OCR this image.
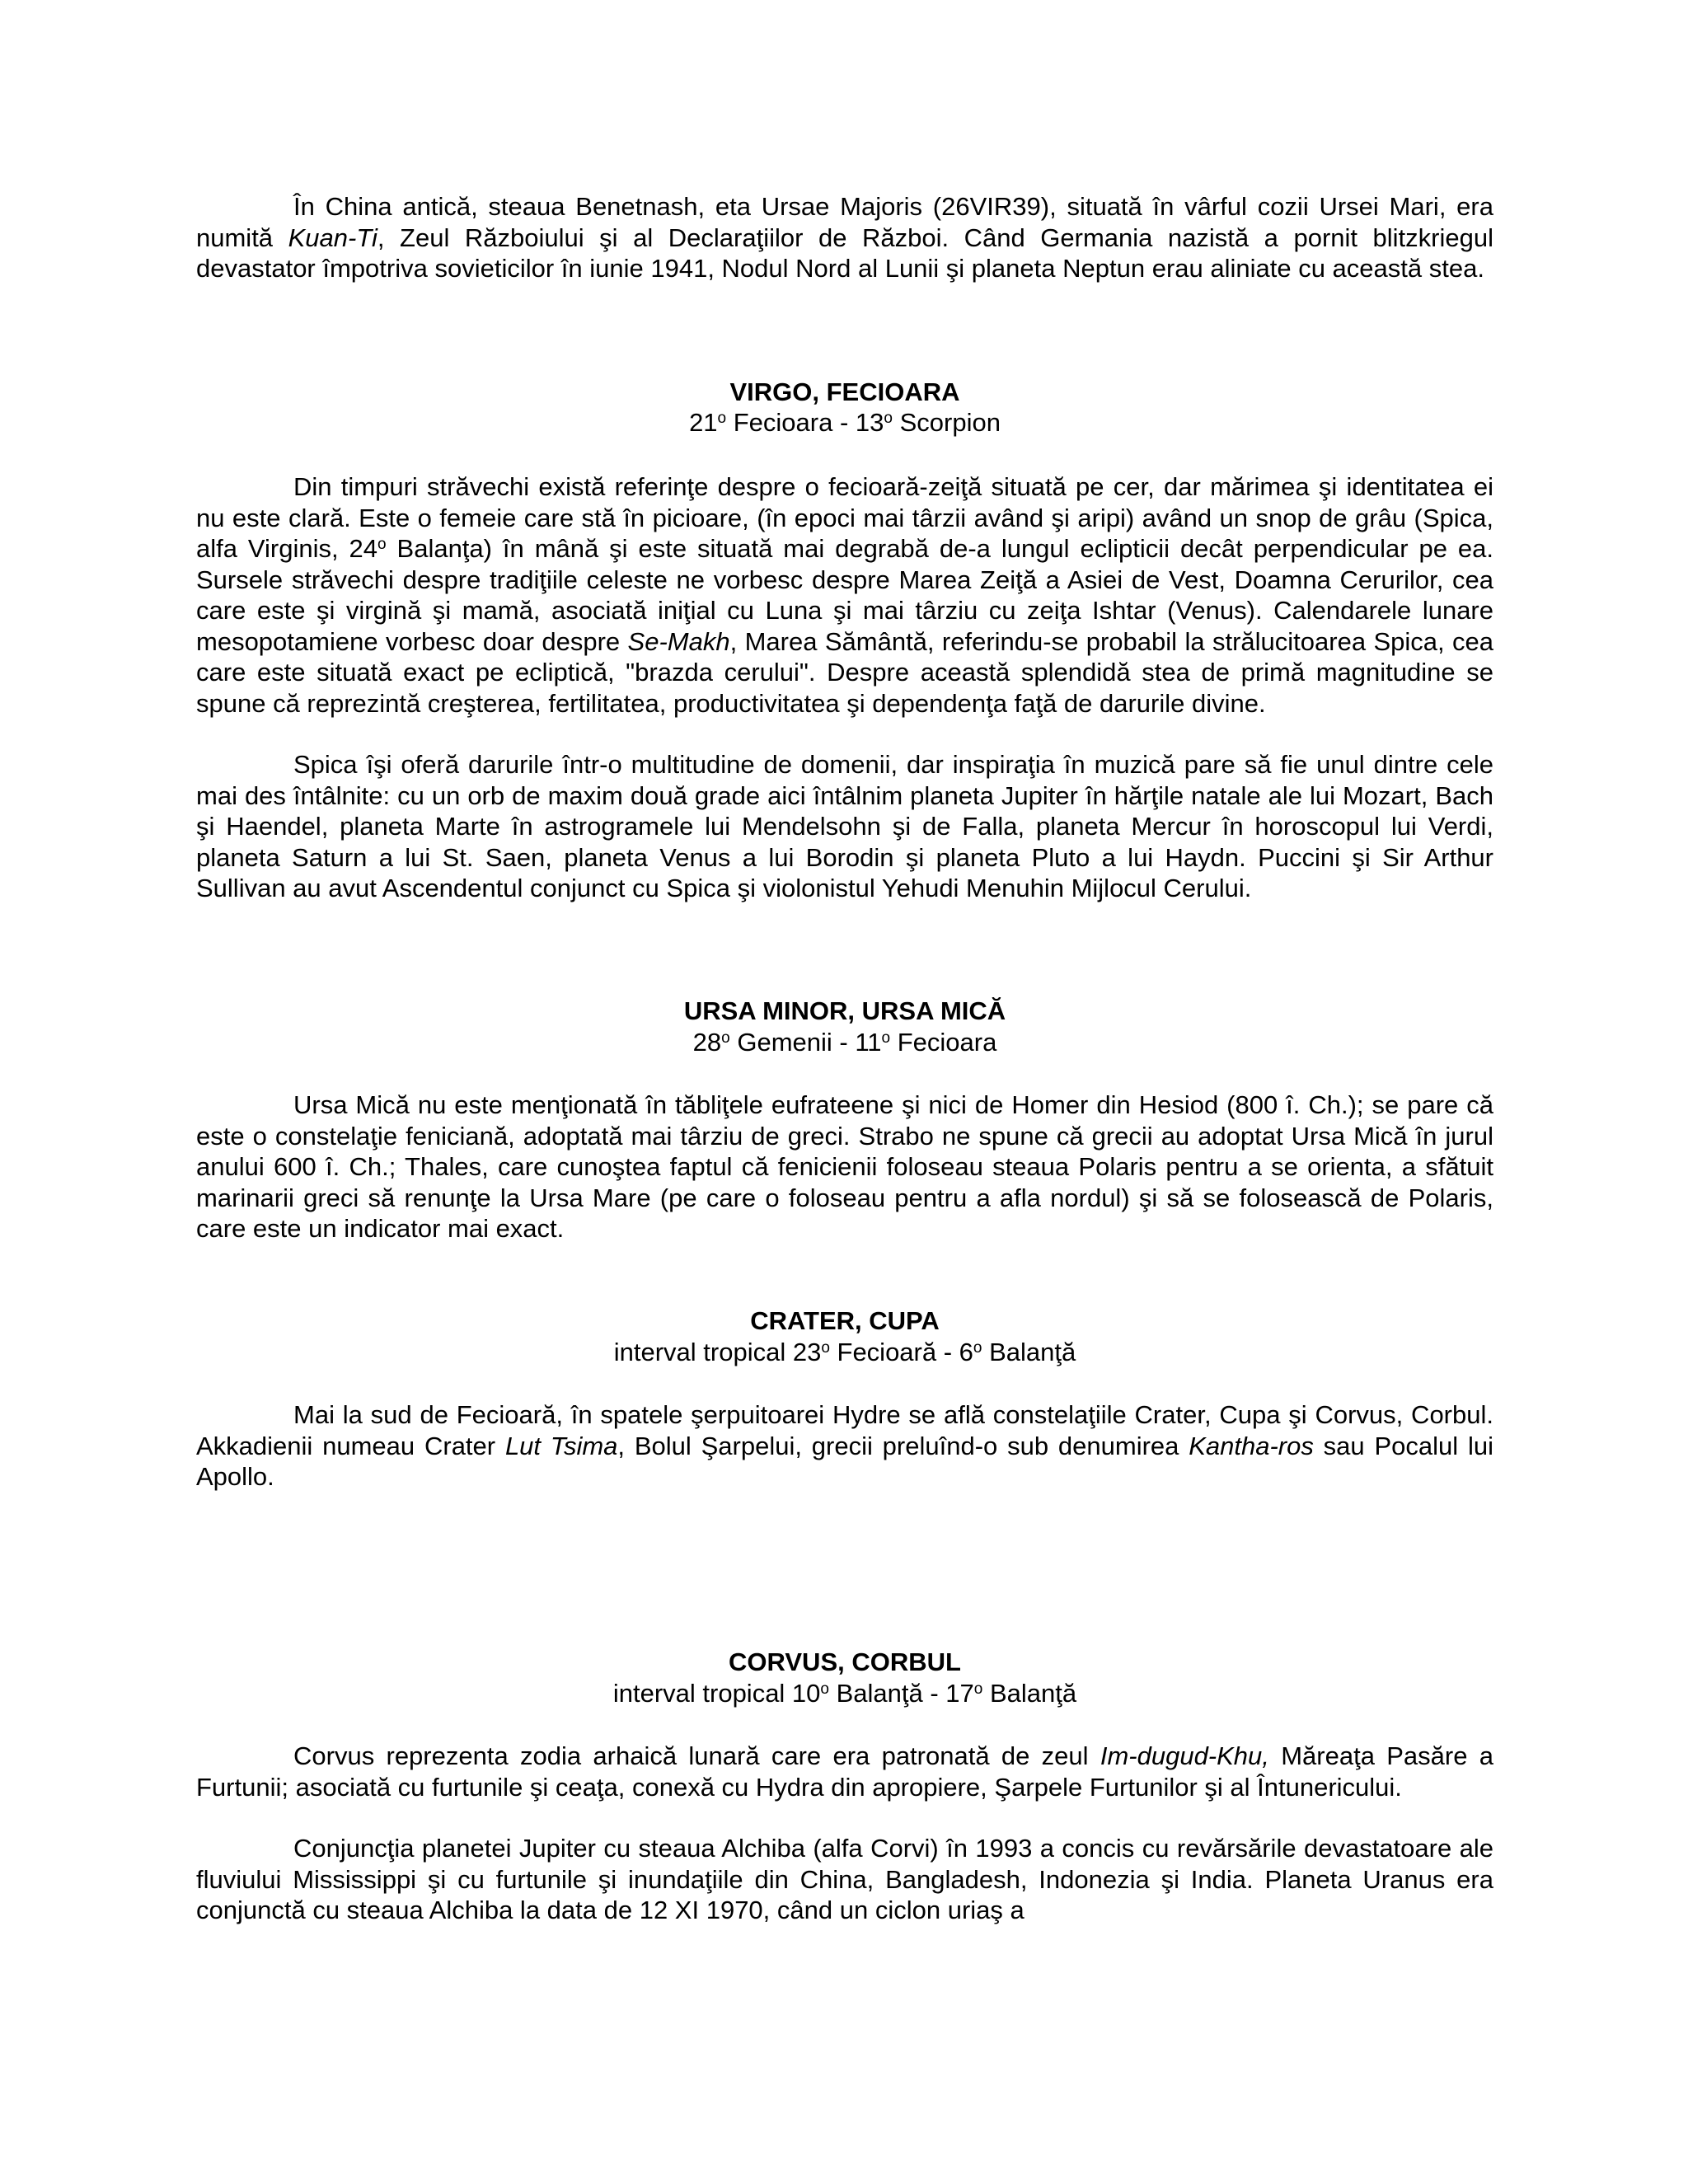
În China antică, steaua Benetnash, eta Ursae Majoris (26VIR39), situată în vârful cozii Ursei Mari, era numită Kuan-Ti, Zeul Războiului şi al Declaraţiilor de Război. Când Germania nazistă a pornit blitzkriegul devastator împotriva sovieticilor în iunie 1941, Nodul Nord al Lunii şi planeta Neptun erau aliniate cu această stea.

VIRGO, FECIOARA
21$^o$ Fecioara - 13$^o$ Scorpion

Din timpuri străvechi există referinţe despre o fecioară-zeiţă situată pe cer, dar mărimea şi identitatea ei nu este clară. Este o femeie care stă în picioare, (în epoci mai târzii având şi aripi) având un snop de grâu (Spica, alfa Virginis, 24$^o$ Balanţa) în mână şi este situată mai degrabă de-a lungul eclipticii decât perpendicular pe ea. Sursele străvechi despre tradiţiile celeste ne vorbesc despre Marea Zeiţă a Asiei de Vest, Doamna Cerurilor, cea care este şi virgină şi mamă, asociată iniţial cu Luna şi mai târziu cu zeiţa Ishtar (Venus). Calendarele lunare mesopotamiene vorbesc doar despre Se-Makh, Marea Sământă, referindu-se probabil la strălucitoarea Spica, cea care este situată exact pe ecliptică, "brazda cerului". Despre această splendidă stea de primă magnitudine se spune că reprezintă creşterea, fertilitatea, productivitatea şi dependenţa faţă de darurile divine.

Spica îşi oferă darurile într-o multitudine de domenii, dar inspiraţia în muzică pare să fie unul dintre cele mai des întâlnite: cu un orb de maxim două grade aici întâlnim planeta Jupiter în hărţile natale ale lui Mozart, Bach şi Haendel, planeta Marte în astrogramele lui Mendelsohn şi de Falla, planeta Mercur în horoscopul lui Verdi, planeta Saturn a lui St. Saen, planeta Venus a lui Borodin şi planeta Pluto a lui Haydn. Puccini şi Sir Arthur Sullivan au avut Ascendentul conjunct cu Spica şi violonistul Yehudi Menuhin Mijlocul Cerului.

URSA MINOR, URSA MICĂ
28$^o$ Gemenii - 11$^o$ Fecioara

Ursa Mică nu este menţionată în tăbliţele eufrateene şi nici de Homer din Hesiod (800 î. Ch.); se pare că este o constelaţie feniciană, adoptată mai târziu de greci. Strabo ne spune că grecii au adoptat Ursa Mică în jurul anului 600 î. Ch.; Thales, care cunoştea faptul că fenicienii foloseau steaua Polaris pentru a se orienta, a sfătuit marinarii greci să renunţe la Ursa Mare (pe care o foloseau pentru a afla nordul) şi să se folosească de Polaris, care este un indicator mai exact.

CRATER, CUPA
interval tropical 23$^o$ Fecioară - 6$^o$ Balanţă

Mai la sud de Fecioară, în spatele şerpuitoarei Hydre se află constelaţiile Crater, Cupa şi Corvus, Corbul. Akkadienii numeau Crater Lut Tsima, Bolul Şarpelui, grecii preluînd-o sub denumirea Kantha-ros sau Pocalul lui Apollo.

CORVUS, CORBUL
interval tropical 10$^o$ Balanţă - 17$^o$ Balanţă

Corvus reprezenta zodia arhaică lunară care era patronată de zeul Im-dugud-Khu, Măreaţa Pasăre a Furtunii; asociată cu furtunile şi ceaţa, conexă cu Hydra din apropiere, Şarpele Furtunilor şi al Întunericului.

Conjuncţia planetei Jupiter cu steaua Alchiba (alfa Corvi) în 1993 a concis cu revărsările devastatoare ale fluviului Mississippi şi cu furtunile şi inundaţiile din China, Bangladesh, Indonezia şi India. Planeta Uranus era conjunctă cu steaua Alchiba la data de 12 XI 1970, când un ciclon uriaş a
